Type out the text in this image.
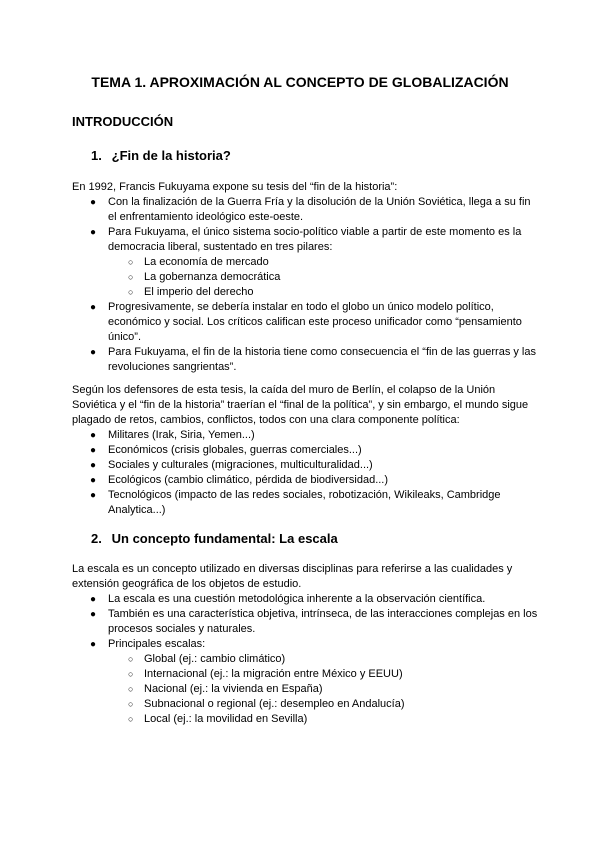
TEMA 1. APROXIMACIÓN AL CONCEPTO DE GLOBALIZACIÓN
INTRODUCCIÓN
1. ¿Fin de la historia?
En 1992, Francis Fukuyama expone su tesis del “fin de la historia”:
● Con la finalización de la Guerra Fría y la disolución de la Unión Soviética, llega a su fin el enfrentamiento ideológico este-oeste.
● Para Fukuyama, el único sistema socio-político viable a partir de este momento es la democracia liberal, sustentado en tres pilares:
○ La economía de mercado
○ La gobernanza democrática
○ El imperio del derecho
● Progresivamente, se debería instalar en todo el globo un único modelo político, económico y social. Los críticos califican este proceso unificador como “pensamiento único”.
● Para Fukuyama, el fin de la historia tiene como consecuencia el “fin de las guerras y las revoluciones sangrientas”.
Según los defensores de esta tesis, la caída del muro de Berlín, el colapso de la Unión Soviética y el “fin de la historia” traerían el “final de la política”, y sin embargo, el mundo sigue plagado de retos, cambios, conflictos, todos con una clara componente política:
● Militares (Irak, Siria, Yemen...)
● Económicos (crisis globales, guerras comerciales...)
● Sociales y culturales (migraciones, multiculturalidad...)
● Ecológicos (cambio climático, pérdida de biodiversidad...)
● Tecnológicos (impacto de las redes sociales, robotización, Wikileaks, Cambridge Analytica...)
2. Un concepto fundamental: La escala
La escala es un concepto utilizado en diversas disciplinas para referirse a las cualidades y extensión geográfica de los objetos de estudio.
● La escala es una cuestión metodológica inherente a la observación científica.
● También es una característica objetiva, intrínseca, de las interacciones complejas en los procesos sociales y naturales.
● Principales escalas:
○ Global (ej.: cambio climático)
○ Internacional (ej.: la migración entre México y EEUU)
○ Nacional (ej.: la vivienda en España)
○ Subnacional o regional (ej.: desempleo en Andalucía)
○ Local (ej.: la movilidad en Sevilla)
